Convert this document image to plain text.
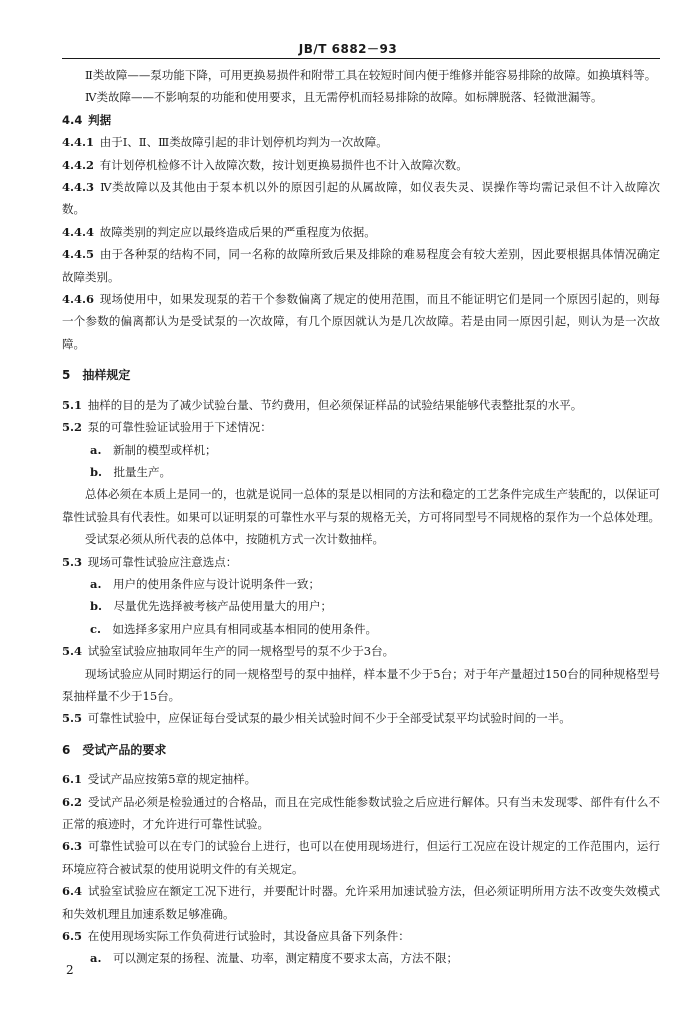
JB/T 6882－93

Ⅱ类故障——泵功能下降，可用更换易损件和附带工具在较短时间内便于维修并能容易排除的故障。如换填料等。

Ⅳ类故障——不影响泵的功能和使用要求，且无需停机而轻易排除的故障。如标牌脱落、轻微泄漏等。

4.4  判据

4.4.1  由于Ⅰ、Ⅱ、Ⅲ类故障引起的非计划停机均判为一次故障。

4.4.2  有计划停机检修不计入故障次数，按计划更换易损件也不计入故障次数。

4.4.3  Ⅳ类故障以及其他由于泵本机以外的原因引起的从属故障，如仪表失灵、误操作等均需记录但不计入故障次数。

4.4.4  故障类别的判定应以最终造成后果的严重程度为依据。

4.4.5  由于各种泵的结构不同，同一名称的故障所致后果及排除的难易程度会有较大差别，因此要根据具体情况确定故障类别。

4.4.6  现场使用中，如果发现泵的若干个参数偏离了规定的使用范围，而且不能证明它们是同一个原因引起的，则每一个参数的偏离都认为是受试泵的一次故障，有几个原因就认为是几次故障。若是由同一原因引起，则认为是一次故障。

5  抽样规定

5.1  抽样的目的是为了减少试验台量、节约费用，但必须保证样品的试验结果能够代表整批泵的水平。

5.2  泵的可靠性验证试验用于下述情况：

a.  新制的模型或样机；

b.  批量生产。

总体必须在本质上是同一的，也就是说同一总体的泵是以相同的方法和稳定的工艺条件完成生产装配的，以保证可靠性试验具有代表性。如果可以证明泵的可靠性水平与泵的规格无关，方可将同型号不同规格的泵作为一个总体处理。

受试泵必须从所代表的总体中，按随机方式一次计数抽样。

5.3  现场可靠性试验应注意选点：

a.  用户的使用条件应与设计说明条件一致；

b.  尽量优先选择被考核产品使用量大的用户；

c.  如选择多家用户应具有相同或基本相同的使用条件。

5.4  试验室试验应抽取同年生产的同一规格型号的泵不少于3台。

现场试验应从同时期运行的同一规格型号的泵中抽样，样本量不少于5台；对于年产量超过150台的同种规格型号泵抽样量不少于15台。

5.5  可靠性试验中，应保证每台受试泵的最少相关试验时间不少于全部受试泵平均试验时间的一半。

6  受试产品的要求

6.1  受试产品应按第5章的规定抽样。

6.2  受试产品必须是检验通过的合格品，而且在完成性能参数试验之后应进行解体。只有当未发现零、部件有什么不正常的痕迹时，才允许进行可靠性试验。

6.3  可靠性试验可以在专门的试验台上进行，也可以在使用现场进行，但运行工况应在设计规定的工作范围内，运行环境应符合被试泵的使用说明文件的有关规定。

6.4  试验室试验应在额定工况下进行，并要配计时器。允许采用加速试验方法，但必须证明所用方法不改变失效模式和失效机理且加速系数足够准确。

6.5  在使用现场实际工作负荷进行试验时，其设备应具备下列条件：

a.  可以测定泵的扬程、流量、功率，测定精度不要求太高，方法不限；

2
